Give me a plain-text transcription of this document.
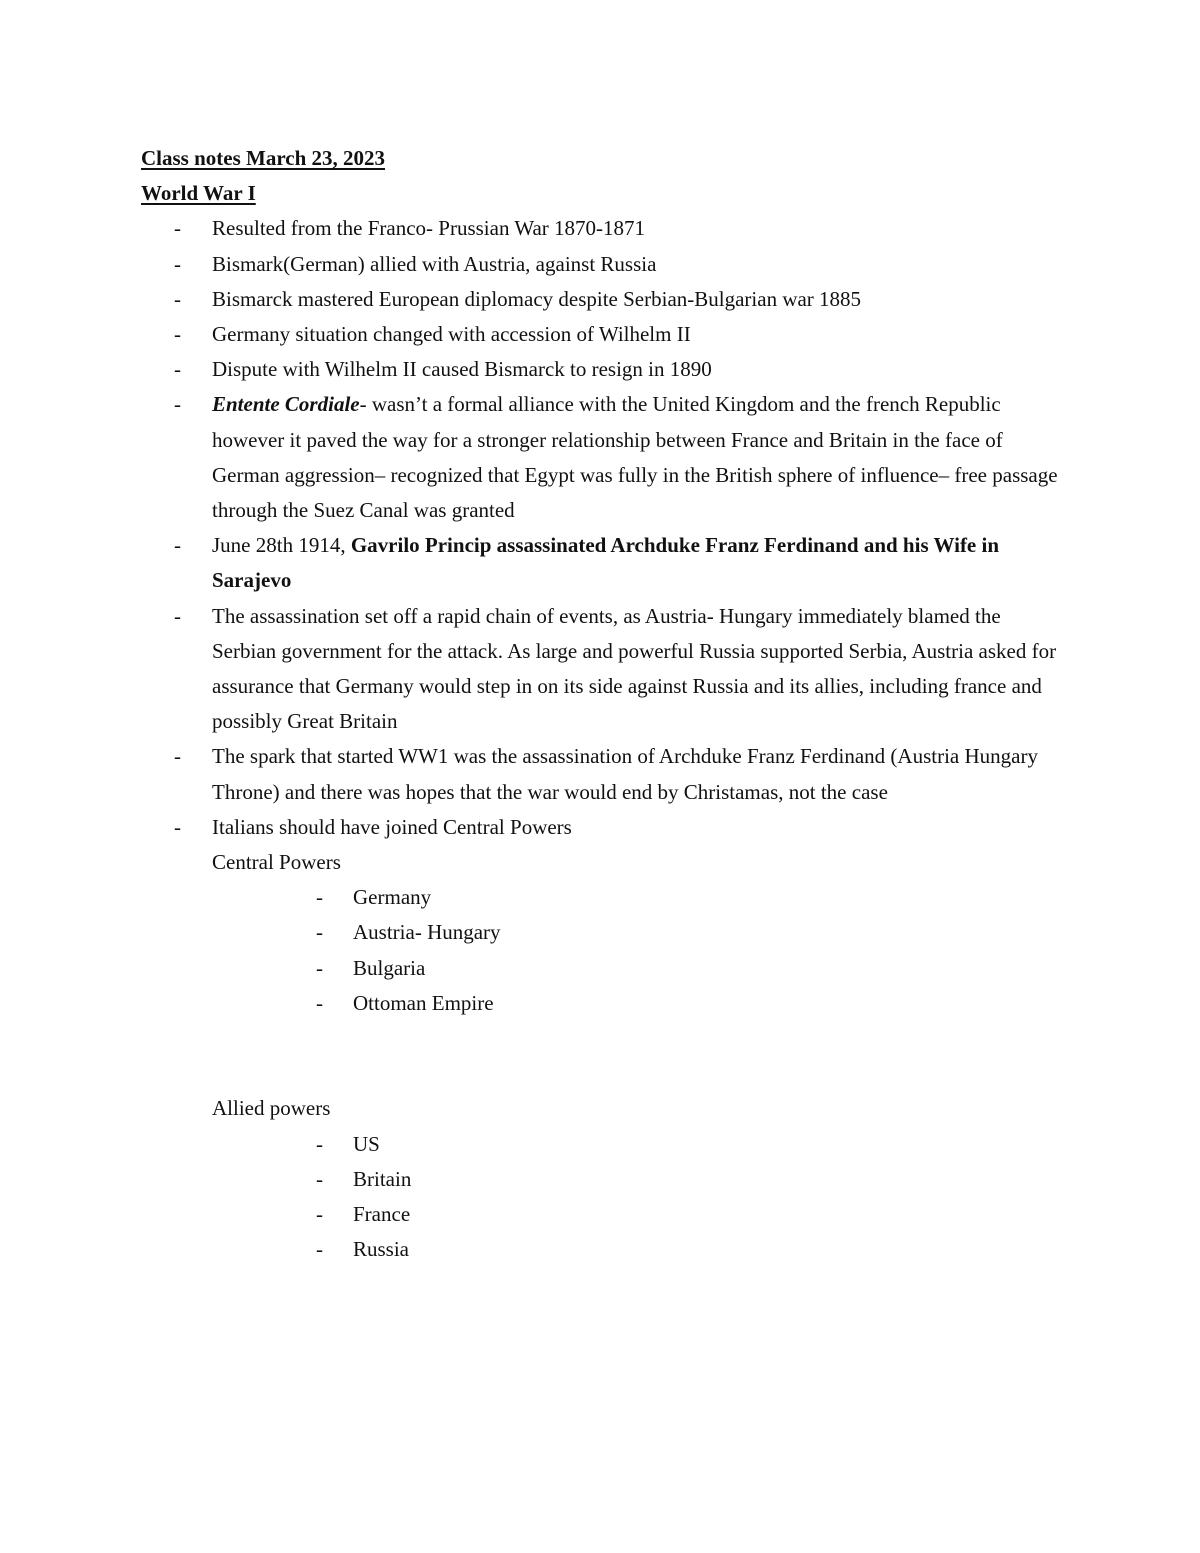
Class notes March 23, 2023
World War I
- Resulted from the Franco- Prussian War 1870-1871
- Bismark(German) allied with Austria, against Russia
- Bismarck mastered European diplomacy despite Serbian-Bulgarian war 1885
- Germany situation changed with accession of Wilhelm II
- Dispute with Wilhelm II caused Bismarck to resign in 1890
- Entente Cordiale- wasn’t a formal alliance with the United Kingdom and the french Republic however it paved the way for a stronger relationship between France and Britain in the face of German aggression– recognized that Egypt was fully in the British sphere of influence– free passage through the Suez Canal was granted
- June 28th 1914, Gavrilo Princip assassinated Archduke Franz Ferdinand and his Wife in Sarajevo
- The assassination set off a rapid chain of events, as Austria- Hungary immediately blamed the Serbian government for the attack. As large and powerful Russia supported Serbia, Austria asked for assurance that Germany would step in on its side against Russia and its allies, including france and possibly Great Britain
- The spark that started WW1 was the assassination of Archduke Franz Ferdinand (Austria Hungary Throne) and there was hopes that the war would end by Christamas, not the case
- Italians should have joined Central Powers
Central Powers
- Germany
- Austria- Hungary
- Bulgaria
- Ottoman Empire
Allied powers
- US
- Britain
- France
- Russia
